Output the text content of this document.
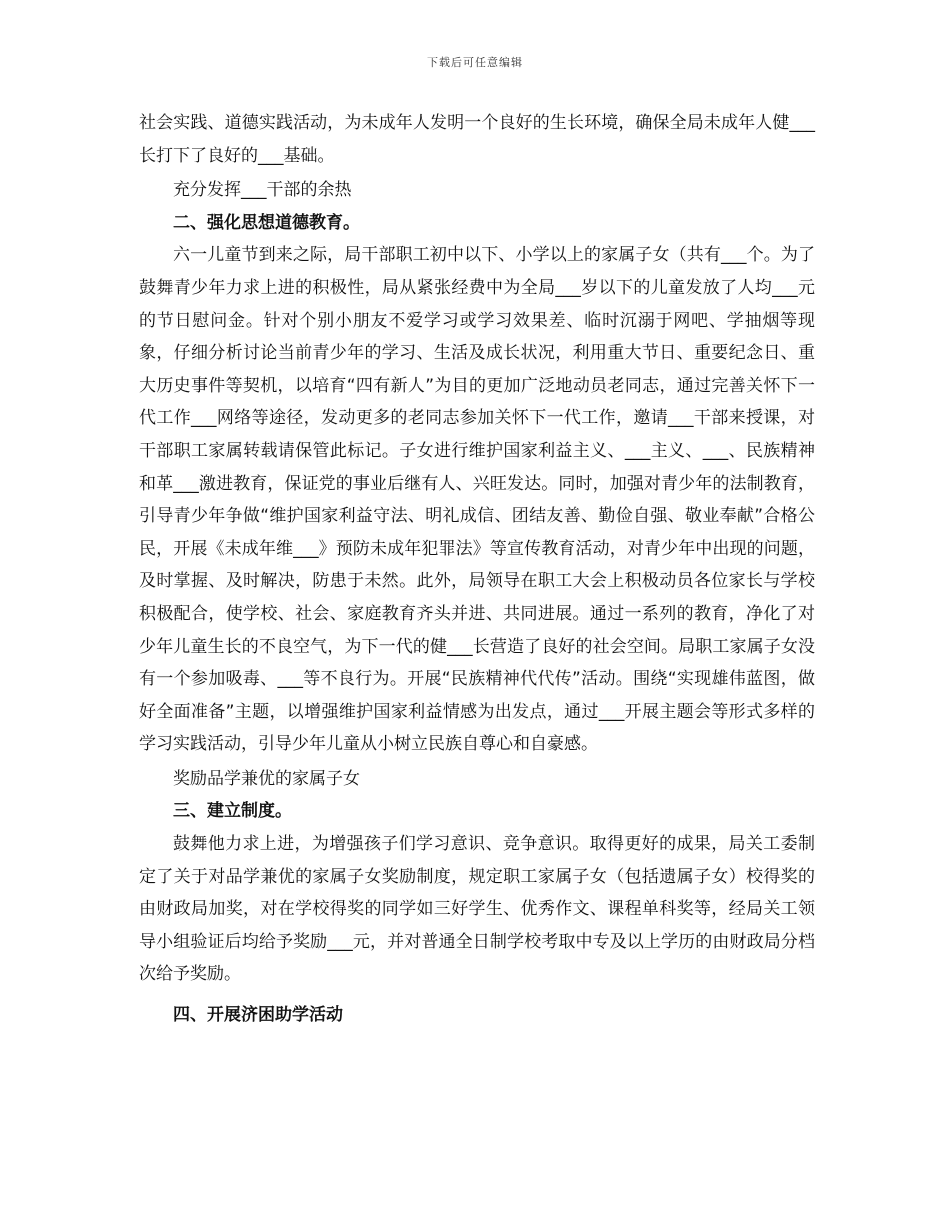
下载后可任意编辑

社会实践、道德实践活动，为未成年人发明一个良好的生长环境，确保全局未成年人健___长打下了良好的___基础。

充分发挥___干部的余热

二、强化思想道德教育。

六一儿童节到来之际，局干部职工初中以下、小学以上的家属子女（共有___个。为了鼓舞青少年力求上进的积极性，局从紧张经费中为全局___岁以下的儿童发放了人均___元的节日慰问金。针对个别小朋友不爱学习或学习效果差、临时沉溺于网吧、学抽烟等现象，仔细分析讨论当前青少年的学习、生活及成长状况，利用重大节日、重要纪念日、重大历史事件等契机，以培育“四有新人”为目的更加广泛地动员老同志，通过完善关怀下一代工作___网络等途径，发动更多的老同志参加关怀下一代工作，邀请___干部来授课，对干部职工家属转载请保管此标记。子女进行维护国家利益主义、___主义、___、民族精神和革___激进教育，保证党的事业后继有人、兴旺发达。同时，加强对青少年的法制教育，引导青少年争做“维护国家利益守法、明礼成信、团结友善、勤俭自强、敬业奉献”合格公民，开展《未成年维___》预防未成年犯罪法》等宣传教育活动，对青少年中出现的问题，及时掌握、及时解决，防患于未然。此外，局领导在职工大会上积极动员各位家长与学校积极配合，使学校、社会、家庭教育齐头并进、共同进展。通过一系列的教育，净化了对少年儿童生长的不良空气，为下一代的健___长营造了良好的社会空间。局职工家属子女没有一个参加吸毒、___等不良行为。开展“民族精神代代传”活动。围绕“实现雄伟蓝图，做好全面准备”主题，以增强维护国家利益情感为出发点，通过___开展主题会等形式多样的学习实践活动，引导少年儿童从小树立民族自尊心和自豪感。

奖励品学兼优的家属子女

三、建立制度。

鼓舞他力求上进，为增强孩子们学习意识、竞争意识。取得更好的成果，局关工委制定了关于对品学兼优的家属子女奖励制度，规定职工家属子女（包括遗属子女）校得奖的由财政局加奖，对在学校得奖的同学如三好学生、优秀作文、课程单科奖等，经局关工领导小组验证后均给予奖励___元，并对普通全日制学校考取中专及以上学历的由财政局分档次给予奖励。

四、开展济困助学活动
